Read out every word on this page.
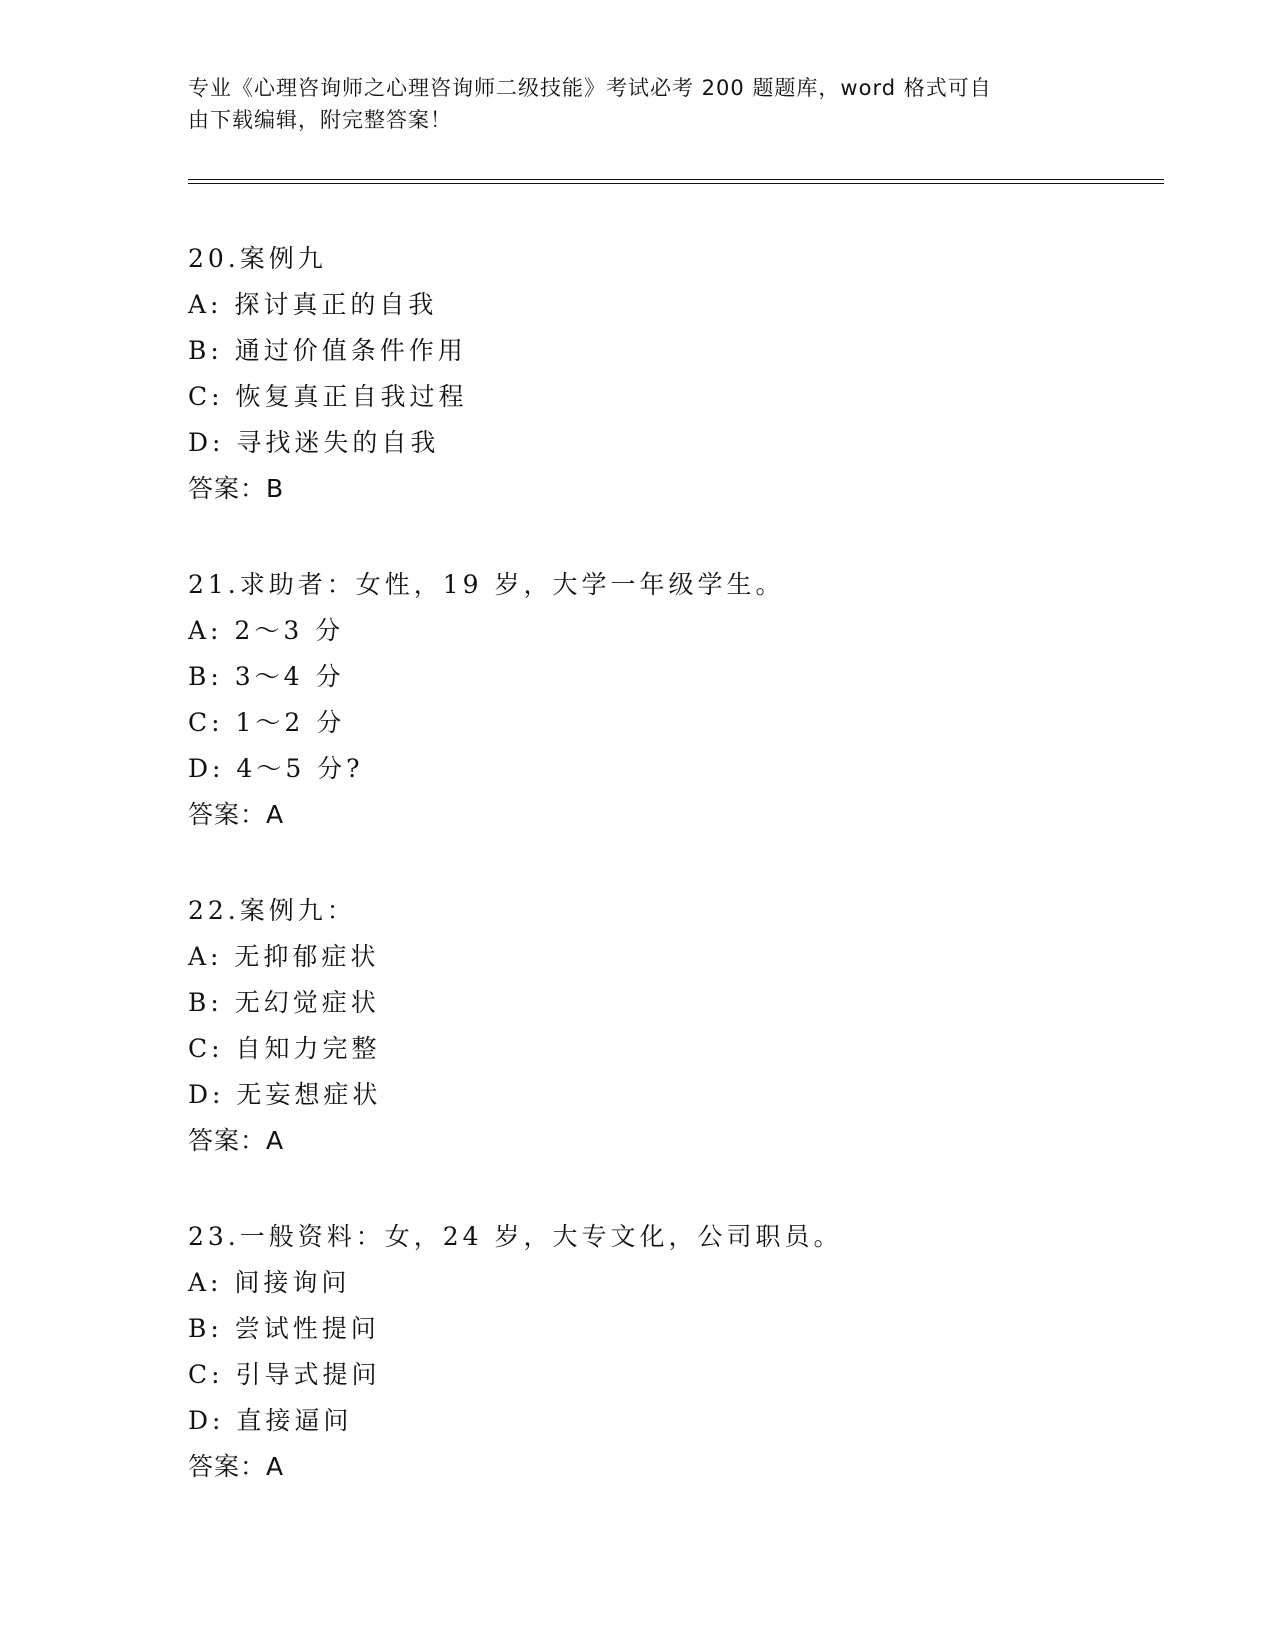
专业《心理咨询师之心理咨询师二级技能》考试必考 200 题题库，word 格式可自
由下载编辑，附完整答案！
20.案例九
A: 探讨真正的自我
B: 通过价值条件作用
C: 恢复真正自我过程
D: 寻找迷失的自我
答案：B
21.求助者：女性，19 岁，大学一年级学生。
A: 2～3 分
B: 3～4 分
C: 1～2 分
D: 4～5 分?
答案：A
22.案例九：
A: 无抑郁症状
B: 无幻觉症状
C: 自知力完整
D: 无妄想症状
答案：A
23.一般资料：女，24 岁，大专文化，公司职员。
A: 间接询问
B: 尝试性提问
C: 引导式提问
D: 直接逼问
答案：A
